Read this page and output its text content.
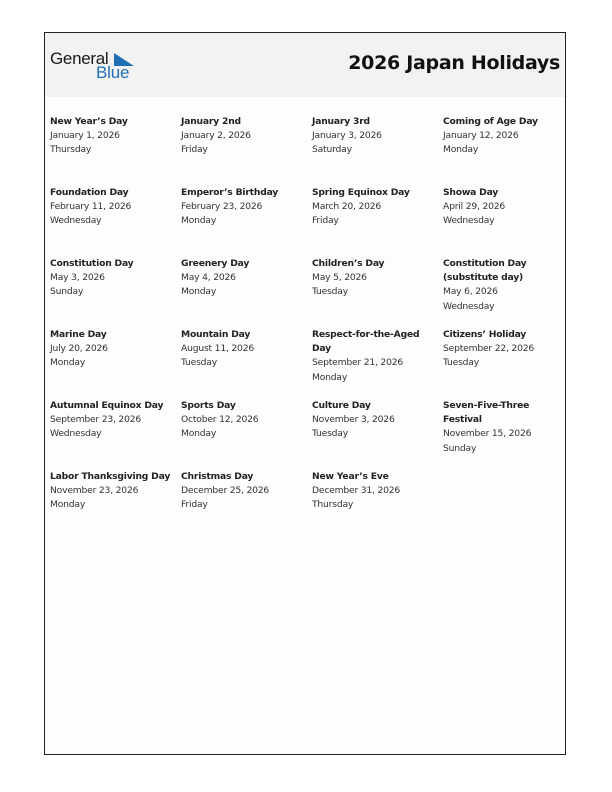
General
Blue	2026 Japan Holidays
New Year’s Day
January 1, 2026
Thursday
January 2nd
January 2, 2026
Friday
January 3rd
January 3, 2026
Saturday
Coming of Age Day
January 12, 2026
Monday
Foundation Day
February 11, 2026
Wednesday
Emperor’s Birthday
February 23, 2026
Monday
Spring Equinox Day
March 20, 2026
Friday
Showa Day
April 29, 2026
Wednesday
Constitution Day
May 3, 2026
Sunday
Greenery Day
May 4, 2026
Monday
Children’s Day
May 5, 2026
Tuesday
Constitution Day (substitute day)
May 6, 2026
Wednesday
Marine Day
July 20, 2026
Monday
Mountain Day
August 11, 2026
Tuesday
Respect-for-the-Aged Day
September 21, 2026
Monday
Citizens’ Holiday
September 22, 2026
Tuesday
Autumnal Equinox Day
September 23, 2026
Wednesday
Sports Day
October 12, 2026
Monday
Culture Day
November 3, 2026
Tuesday
Seven-Five-Three Festival
November 15, 2026
Sunday
Labor Thanksgiving Day
November 23, 2026
Monday
Christmas Day
December 25, 2026
Friday
New Year’s Eve
December 31, 2026
Thursday
